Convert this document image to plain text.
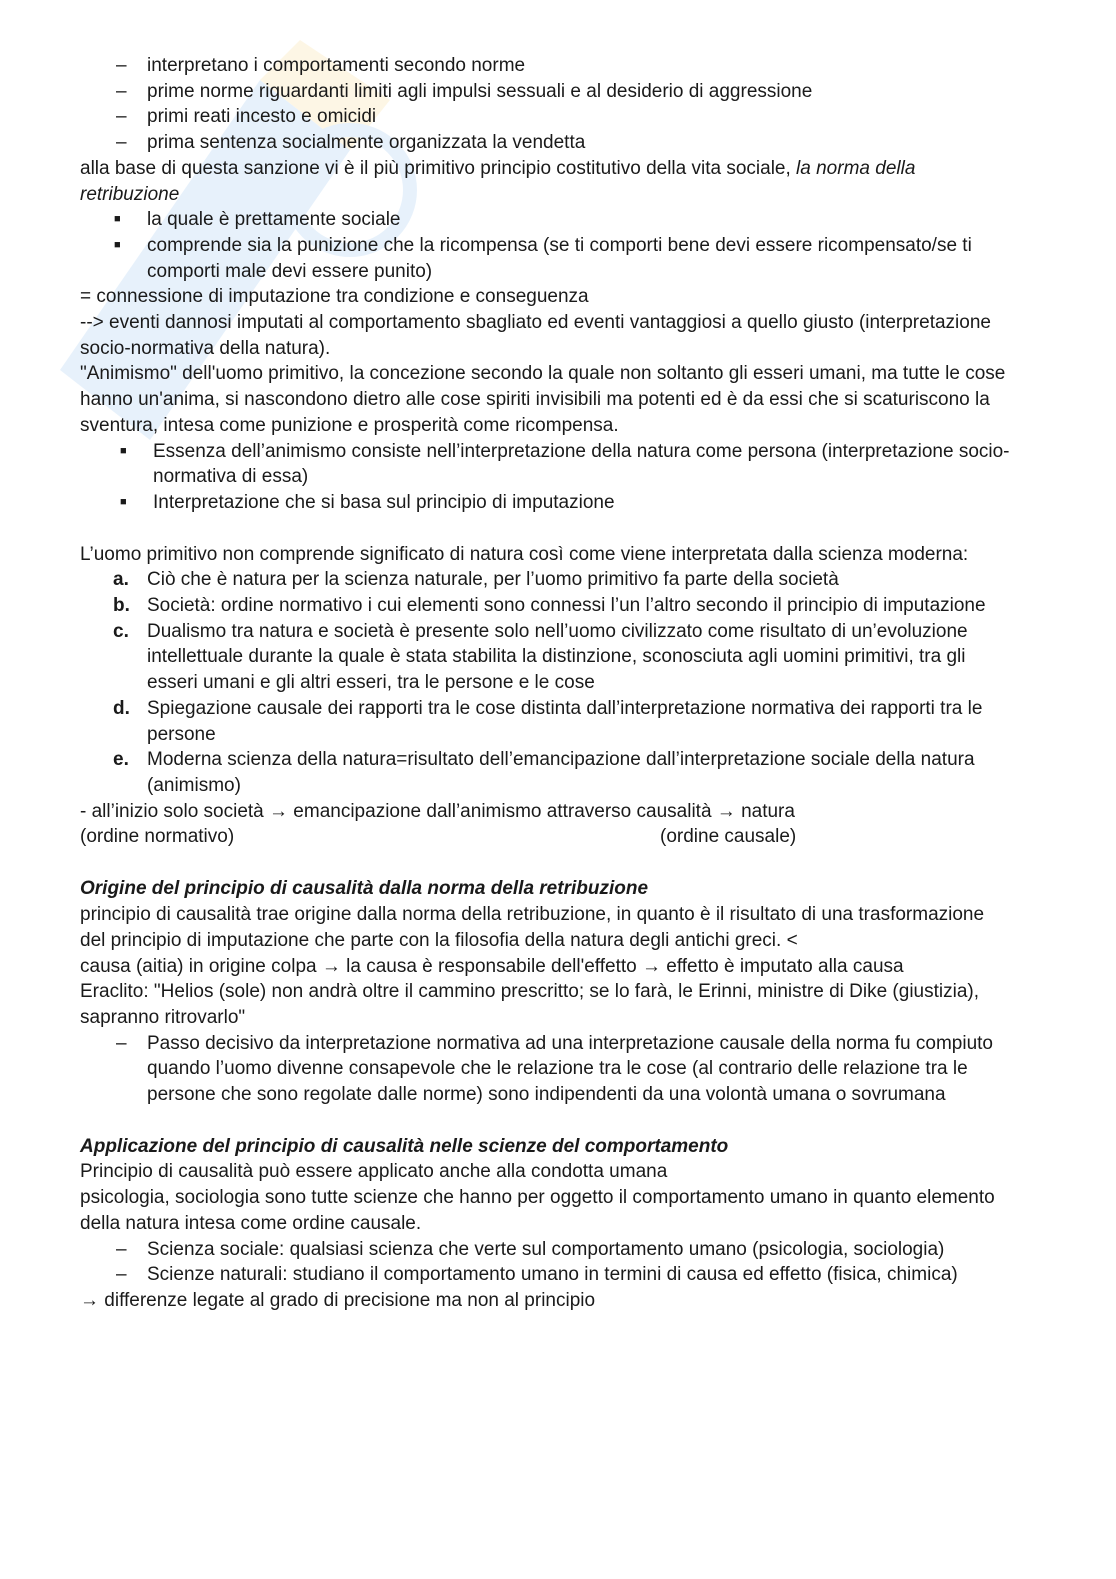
– interpretano i comportamenti secondo norme
– prime norme riguardanti limiti agli impulsi sessuali e al desiderio di aggressione
– primi reati incesto e omicidi
– prima sentenza socialmente organizzata la vendetta

alla base di questa sanzione vi è il più primitivo principio costitutivo della vita sociale, la norma della retribuzione

■ la quale è prettamente sociale
■ comprende sia la punizione che la ricompensa (se ti comporti bene devi essere ricompensato/se ti comporti male devi essere punito)

= connessione di imputazione tra condizione e conseguenza

--> eventi dannosi imputati al comportamento sbagliato ed eventi vantaggiosi a quello giusto (interpretazione socio-normativa della natura).

"Animismo" dell'uomo primitivo, la concezione secondo la quale non soltanto gli esseri umani, ma tutte le cose hanno un'anima, si nascondono dietro alle cose spiriti invisibili ma potenti ed è da essi che si scaturiscono la sventura, intesa come punizione e prosperità come ricompensa.

■ Essenza dell’animismo consiste nell’interpretazione della natura come persona (interpretazione socio-normativa di essa)
■ Interpretazione che si basa sul principio di imputazione

L’uomo primitivo non comprende significato di natura così come viene interpretata dalla scienza moderna:

a. Ciò che è natura per la scienza naturale, per l’uomo primitivo fa parte della società
b. Società: ordine normativo i cui elementi sono connessi l’un l’altro secondo il principio di imputazione
c. Dualismo tra natura e società è presente solo nell’uomo civilizzato come risultato di un’evoluzione intellettuale durante la quale è stata stabilita la distinzione, sconosciuta agli uomini primitivi, tra gli esseri umani e gli altri esseri, tra le persone e le cose
d. Spiegazione causale dei rapporti tra le cose distinta dall’interpretazione normativa dei rapporti tra le persone
e. Moderna scienza della natura=risultato dell’emancipazione dall’interpretazione sociale della natura (animismo)

- all’inizio solo società → emancipazione dall’animismo attraverso causalità → natura

(ordine normativo)	(ordine causale)

Origine del principio di causalità dalla norma della retribuzione

principio di causalità trae origine dalla norma della retribuzione, in quanto è il risultato di una trasformazione del principio di imputazione che parte con la filosofia della natura degli antichi greci. <

causa (aitia) in origine colpa → la causa è responsabile dell'effetto → effetto è imputato alla causa

Eraclito: "Helios (sole) non andrà oltre il cammino prescritto; se lo farà, le Erinni, ministre di Dike (giustizia), sapranno ritrovarlo"

– Passo decisivo da interpretazione normativa ad una interpretazione causale della norma fu compiuto quando l’uomo divenne consapevole che le relazione tra le cose (al contrario delle relazione tra le persone che sono regolate dalle norme) sono indipendenti da una volontà umana o sovrumana

Applicazione del principio di causalità nelle scienze del comportamento

Principio di causalità può essere applicato anche alla condotta umana

psicologia, sociologia sono tutte scienze che hanno per oggetto il comportamento umano in quanto elemento della natura intesa come ordine causale.

– Scienza sociale: qualsiasi scienza che verte sul comportamento umano (psicologia, sociologia)
– Scienze naturali: studiano il comportamento umano in termini di causa ed effetto (fisica, chimica)

→ differenze legate al grado di precisione ma non al principio
